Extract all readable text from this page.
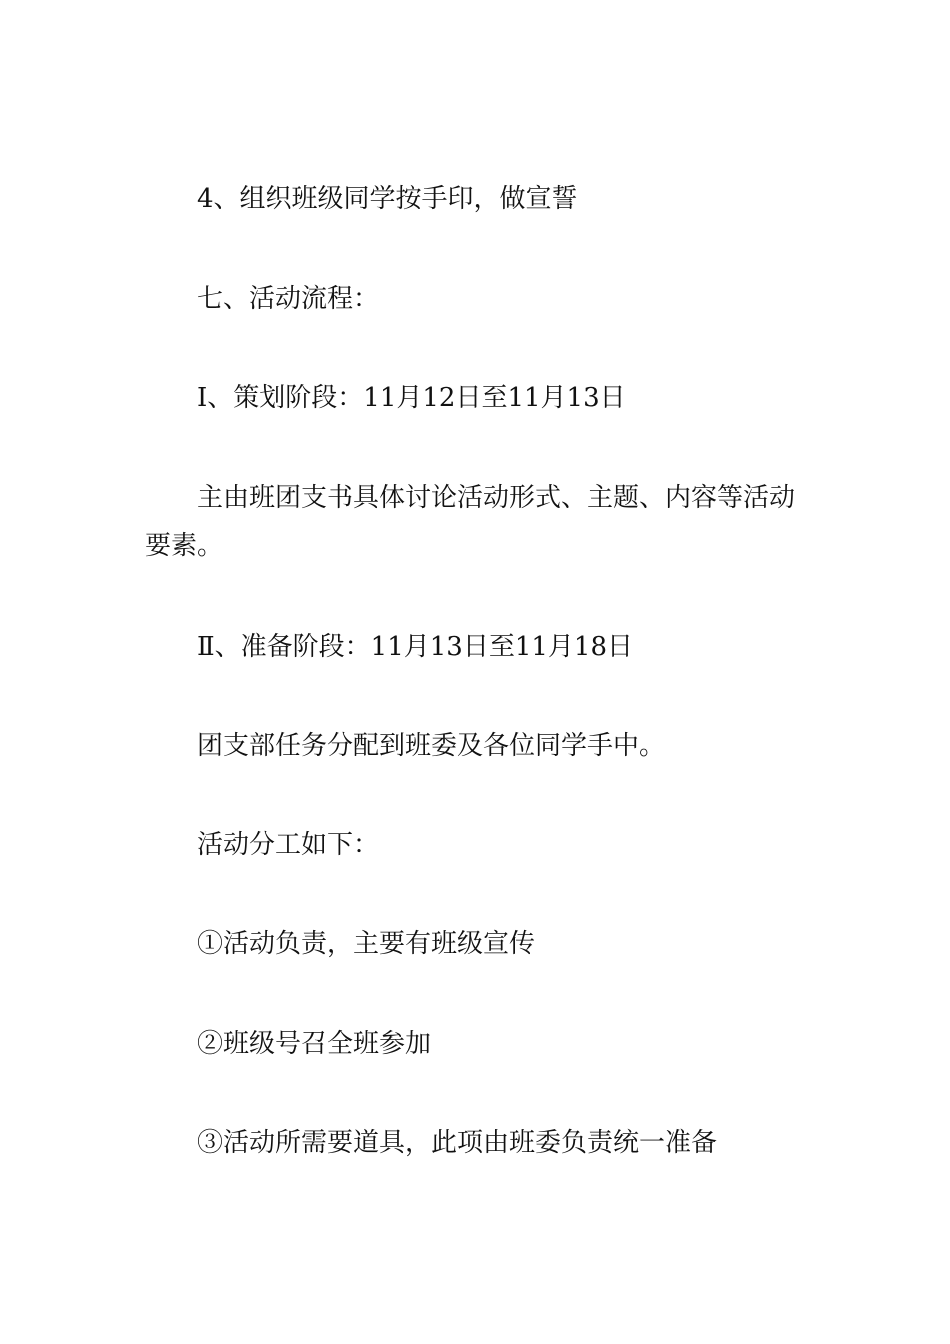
4、组织班级同学按手印，做宣誓

七、活动流程：

Ⅰ、策划阶段：11月12日至11月13日

主由班团支书具体讨论活动形式、主题、内容等活动要素。

Ⅱ、准备阶段：11月13日至11月18日

团支部任务分配到班委及各位同学手中。

活动分工如下：

①活动负责，主要有班级宣传

②班级号召全班参加

③活动所需要道具，此项由班委负责统一准备
